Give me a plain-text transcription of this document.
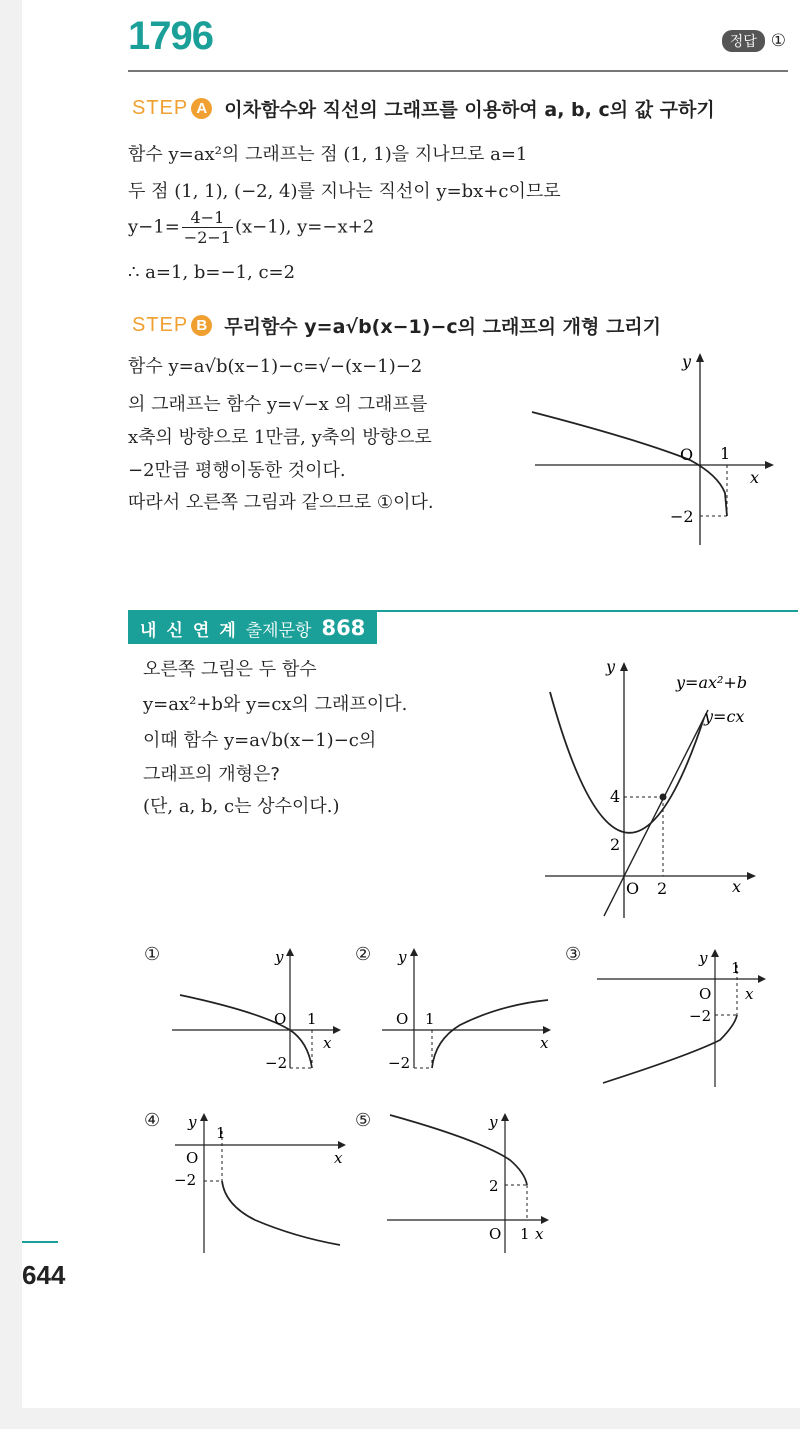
1796	정답 ①
STEP A 이차함수와 직선의 그래프를 이용하여 a, b, c의 값 구하기
함수 y=ax²의 그래프는 점 (1, 1)을 지나므로 a=1
두 점 (1, 1), (−2, 4)를 지나는 직선이 y=bx+c이므로
$y-1= \frac{4-1}{-2-1} (x-1)$, y=−x+2
∴ a=1, b=−1, c=2
STEP B 무리함수 y=a√b(x−1)−c의 그래프의 개형 그리기
함수 y=a√b(x−1)−c=√−(x−1)−2
의 그래프는 함수 y=√−x 의 그래프를
x축의 방향으로 1만큼, y축의 방향으로
−2만큼 평행이동한 것이다.
따라서 오른쪽 그림과 같으므로 ①이다.
y
x
O 1
−2
내 신 연 계 출제문항 868
오른쪽 그림은 두 함수
y=ax²+b와 y=cx의 그래프이다.
이때 함수 y=a√b(x−1)−c의
그래프의 개형은?
(단, a, b, c는 상수이다.)
y
x
O
y=ax²+b
y=cx
4
2
2
①	y
x
O 1
−2
② y
x
O 1
−2
③	y
x
O
1
−2
④ y
x
O
1
−2
⑤	y
x
O 1
2
644
